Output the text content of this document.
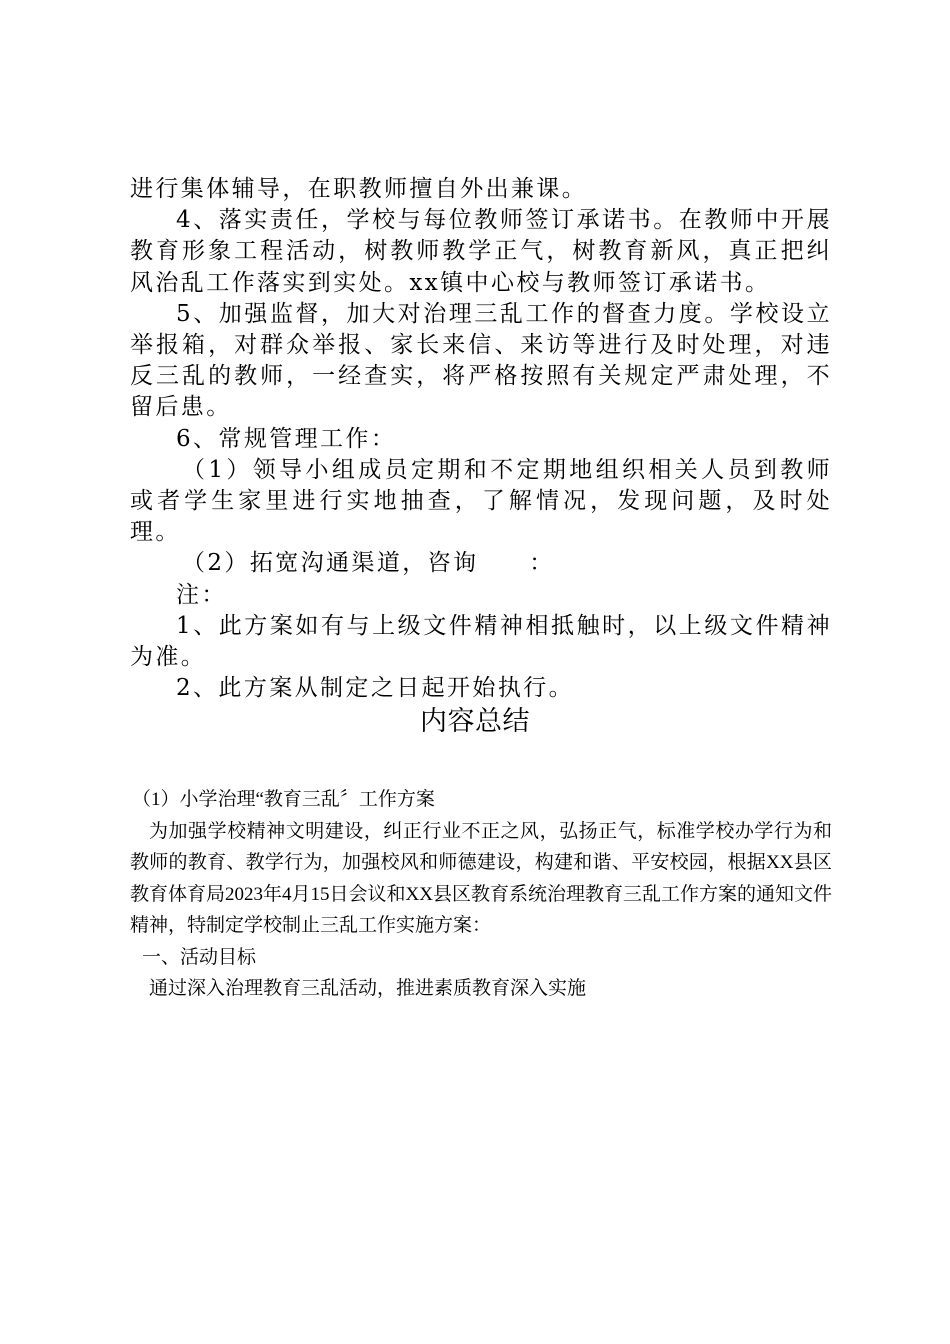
进行集体辅导，在职教师擅自外出兼课。

4、落实责任，学校与每位教师签订承诺书。在教师中开展教育形象工程活动，树教师教学正气，树教育新风，真正把纠风治乱工作落实到实处。xx镇中心校与教师签订承诺书。

5、加强监督，加大对治理三乱工作的督查力度。学校设立举报箱，对群众举报、家长来信、来访等进行及时处理，对违反三乱的教师，一经查实，将严格按照有关规定严肃处理，不留后患。

6、常规管理工作：

（1）领导小组成员定期和不定期地组织相关人员到教师或者学生家里进行实地抽查，了解情况，发现问题，及时处理。

（2）拓宽沟通渠道，咨询　　：

注：

1、此方案如有与上级文件精神相抵触时，以上级文件精神为准。

2、此方案从制定之日起开始执行。

内容总结

（1）小学治理“教育三乱〞工作方案

为加强学校精神文明建设，纠正行业不正之风，弘扬正气，标准学校办学行为和教师的教育、教学行为，加强校风和师德建设，构建和谐、平安校园，根据XX县区教育体育局2023年4月15日会议和XX县区教育系统治理教育三乱工作方案的通知文件精神，特制定学校制止三乱工作实施方案：

一、活动目标

通过深入治理教育三乱活动，推进素质教育深入实施
